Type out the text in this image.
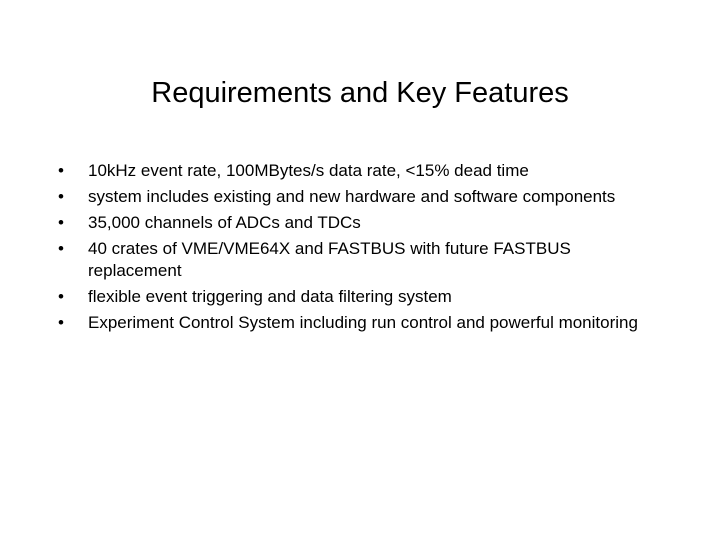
Requirements and Key Features
•	10kHz event rate, 100MBytes/s data rate, <15% dead time
•	system includes existing and new hardware and software components
•	35,000 channels of ADCs and TDCs
•	40 crates of VME/VME64X and FASTBUS with future FASTBUS replacement
•	flexible event triggering and data filtering system
•	Experiment Control System including run control and powerful monitoring
